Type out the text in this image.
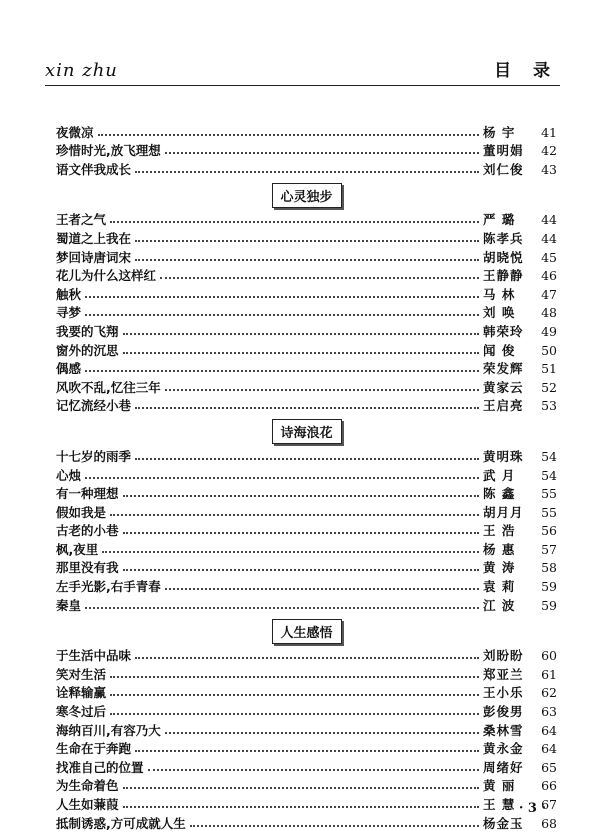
xin zhu	目 录
夜微凉	杨 宇	41
珍惜时光,放飞理想	董明娟	42
语文伴我成长	刘仁俊	43
心灵独步
王者之气	严 璐	44
蜀道之上我在	陈孝兵	44
梦回诗唐词宋	胡晓悦	45
花儿为什么这样红	王静静	46
触秋	马 林	47
寻梦	刘 唤	48
我要的飞翔	韩荣玲	49
窗外的沉思	闻 俊	50
偶感	荣发辉	51
风吹不乱,忆往三年	黄家云	52
记忆流经小巷	王启亮	53
诗海浪花
十七岁的雨季	黄明珠	54
心烛	武 月	54
有一种理想	陈 鑫	55
假如我是	胡月月	55
古老的小巷	王 浩	56
枫,夜里	杨 惠	57
那里没有我	黄 涛	58
左手光影,右手青春	袁 莉	59
秦皇	江 波	59
人生感悟
于生活中品味	刘盼盼	60
笑对生活	郑亚兰	61
诠释输赢	王小乐	62
寒冬过后	彭俊男	63
海纳百川,有容乃大	桑林雪	64
生命在于奔跑	黄永金	64
找准自己的位置	周绪好	65
为生命着色	黄 丽	66
人生如蒹葭	王 慧	67
抵制诱惑,方可成就人生	杨金玉	68
· 3 ·
